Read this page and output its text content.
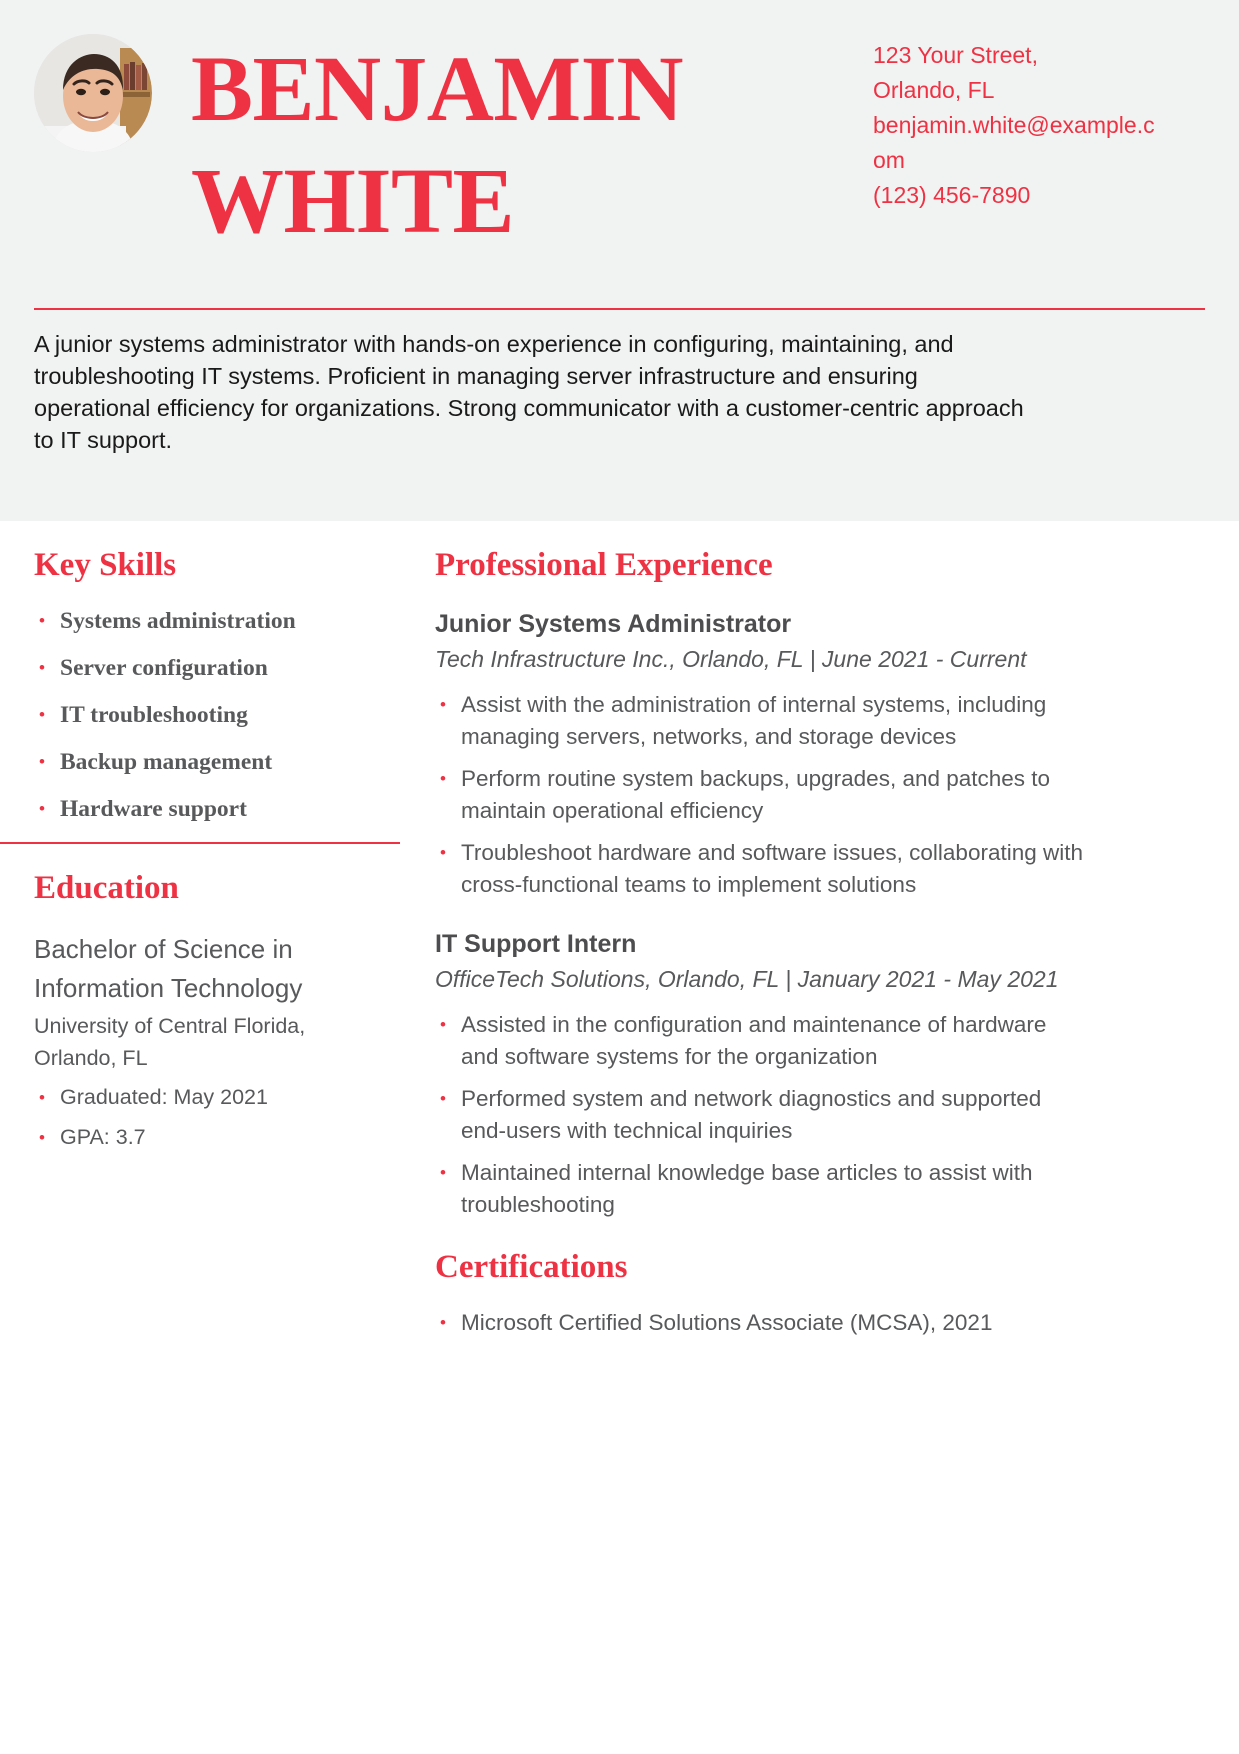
BENJAMIN
WHITE
123 Your Street,
Orlando, FL
benjamin.white@example.com
(123) 456-7890
A junior systems administrator with hands-on experience in configuring, maintaining, and troubleshooting IT systems. Proficient in managing server infrastructure and ensuring operational efficiency for organizations. Strong communicator with a customer-centric approach to IT support.
Key Skills
• Systems administration
• Server configuration
• IT troubleshooting
• Backup management
• Hardware support
Education
Bachelor of Science in Information Technology
University of Central Florida, Orlando, FL
• Graduated: May 2021
• GPA: 3.7
Professional Experience
Junior Systems Administrator
Tech Infrastructure Inc., Orlando, FL | June 2021 - Current
• Assist with the administration of internal systems, including managing servers, networks, and storage devices
• Perform routine system backups, upgrades, and patches to maintain operational efficiency
• Troubleshoot hardware and software issues, collaborating with cross-functional teams to implement solutions
IT Support Intern
OfficeTech Solutions, Orlando, FL | January 2021 - May 2021
• Assisted in the configuration and maintenance of hardware and software systems for the organization
• Performed system and network diagnostics and supported end-users with technical inquiries
• Maintained internal knowledge base articles to assist with troubleshooting
Certifications
• Microsoft Certified Solutions Associate (MCSA), 2021
